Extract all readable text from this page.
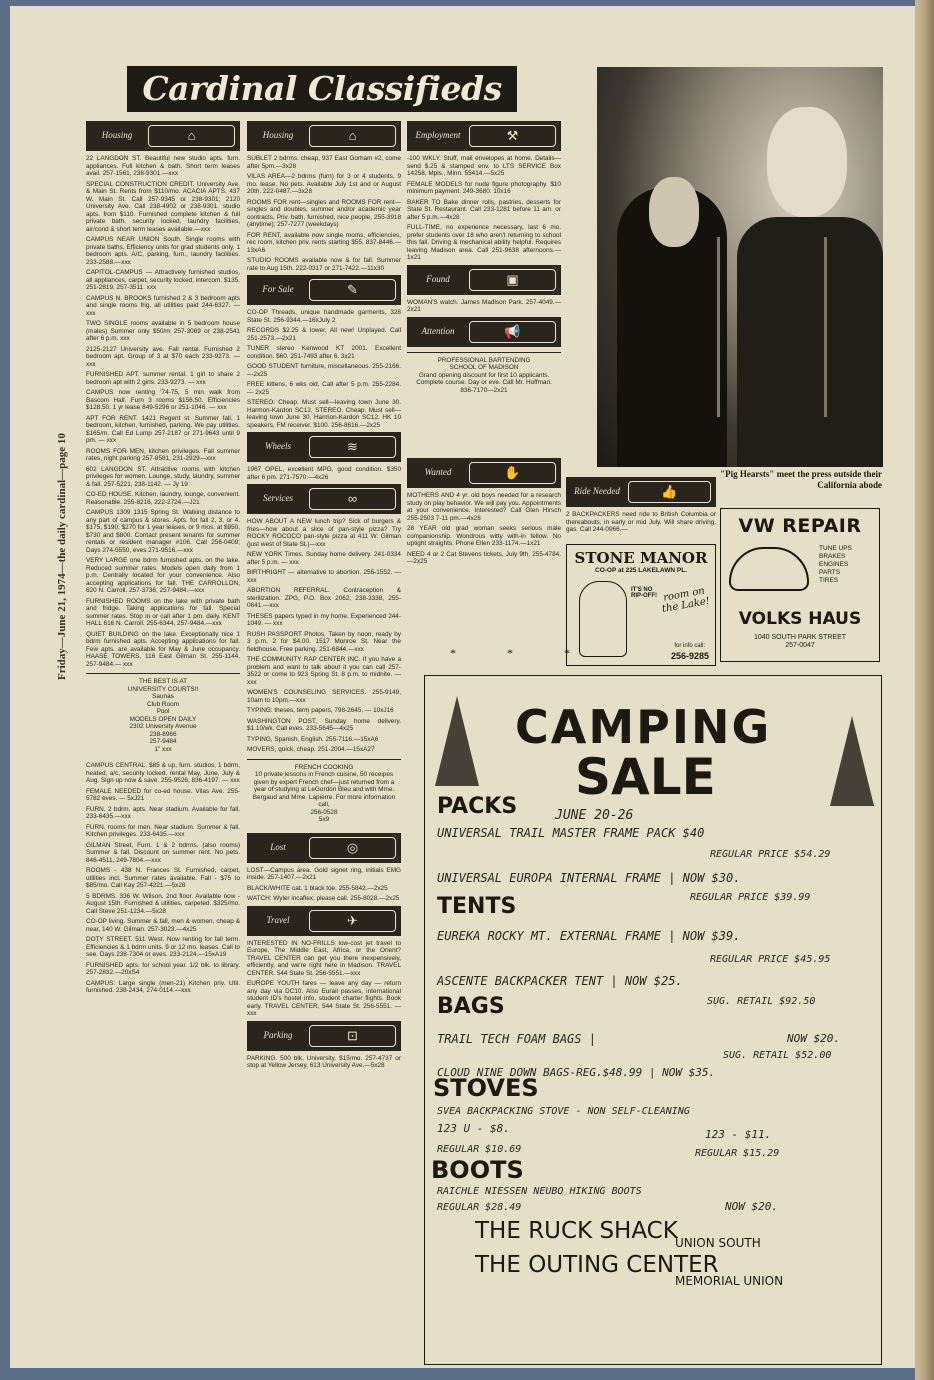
Friday—June 21, 1974—the daily cardinal—page 10
Cardinal Classifieds
Housing	⌂

22 LANGDON ST. Beautiful new studio apts. furn. appliances. Full kitchen & bath. Short term leases avail. 257-1561, 238-9301.—xxx

SPECIAL CONSTRUCTION CREDIT. University Ave. & Main St. Rents from $110/mo. ACACIA APTS. 437 W. Main St. Call 257-9345 or 238-9301; 2120 University Ave. Call 238-4902 or 238-9301. studio apts. from $110. Furnished complete kitchen & full private bath, security locked, laundry facilities, air/cond & short term leases available.—xxx

CAMPUS NEAR UNION South. Single rooms with private baths. Efficiency units for grad students only. 1 bedroom apts. A/C, parking, furn., laundry facilities. 233-2588.—xxx

CAPITOL-CAMPUS — Attractively furnished studios, all appliances, carpet, security locked, intercom. $135. 251-2819, 257-3511. xxx

CAMPUS N. BROOKS furnished 2 & 3 bedroom apts and single rooms frig. all utilities paid 244-6327. — xxx

TWO SINGLE rooms available in 5 bedroom house (males) Summer only $50/m 257-3069 or 238-2541 after 6 p.m. xxx

2125-2127 University ave. Fall rental. Furnished 2 bedroom apt. Group of 3 at $70 each 233-9273. — xxx

FURNISHED APT. summer rental. 1 girl to share 2 bedroom apt with 2 girls. 233-9273. — xxx

CAMPUS now renting '74-75, 5 min walk from Bascom Hall. Furn 3 rooms $156.50. Efficiencies $128.50. 1 yr lease 849-5296 or 251-1046. — xxx

APT FOR RENT. 1421 Regent st. Summer fall. 1 bedroom, kitchen, furnished, parking. We pay utilities. $165/m. Call Ed Lump 257-2187 or 271-9643 until 9 pm. — xxx

ROOMS FOR MEN, kitchen privileges. Fall summer rates, night parking 257-8581, 231-2929—xxx

602 LANGDON ST. Attractive rooms with kitchen privileges for women. Lounge, study, laundry, summer & fall. 257-5221, 238-1142. — Jy 19

CO-ED HOUSE. Kitchen, laundry, lounge, convenient. Reasonable. 255-8216, 222-2724.—J21

CAMPUS 1309 1315 Spring St. Walking distance to any part of campus & stores. Apts. for fall 2, 3, or 4. $175, $190, $270 for 1 year leases, or 9 mos. at $950, $730 and $800. Contact present tenants for summer rentals or resident manager #106. Call 256-0409; Days 274-5550, eves 271-9516.—xxx

VERY LARGE one bdrm furnished apts. on the lake. Reduced summer rates. Models open daily from 1 p.m. Centrally located for your convenience. Also accepting applications for fall. THE CARROLLON, 620 N. Carroll. 257-3736; 257-9484.—xxx

FURNISHED ROOMS on the lake with private bath and fridge. Taking applications for fall. Special summer rates. Stop in or call after 1 pm. daily. KENT HALL 616 N. Carroll. 255-6344, 257-9484.—xxx

QUIET BUILDING on the lake. Exceptionally nice 1 bdrm furnished apts. Accepting applications for fall. Few apts. are available for May & June occupancy. HAASE TOWERS, 116 East Gilman St. 255-1144, 257-9484.— xxx

THE BEST IS AT
UNIVERSITY COURTS!!
Saunas
Club Room
Pool
MODELS OPEN DAILY
2302 University Avenue
238-8966
257-9484
1" xxx

CAMPUS CENTRAL. $85 & up, furn. studios, 1 bdrm, heated, a/c, security locked, rental May, June, July & Aug. Sign up now & save. 255-9526, 836-4197. — xxx

FEMALE NEEDED for co-ed house. Vilas Ave. 255-5782 eves. — 5xJ21

FURN. 2 bdrm. apts. Near stadium. Available for fall. 233-6435.—xxx

FURN. rooms for men. Near stadium. Summer & fall. Kitchen privileges. 233-6435.—xxx

GILMAN Street, Furn. 1 & 2 bdrms. (also rooms) Summer & fall. Discount on summer rent. No pets. 846-4511, 249-7804.—xxx

ROOMS - 438 N. Frances St. Furnished, carpet, utilities incl. Summer rates available. Fall - $75 to $85/mo. Call Kay 257-4221.—5x28

5 BDRMS. 336 W. Wilson. 2nd floor. Available now - August 15th. Furnished & utilities, carpeted. $325/mo. Call Steve 251-1234.—5x28

CO-OP living. Summer & fall, men & women, cheap & near, 140 W. Gilman. 257-3023.—4x25

DOTY STREET. 511 West. Now renting for fall term. Efficiencies & 1 bdrm units. 9 or 12 mo. leases. Call to see. Days 238-7304 or eves. 233-2124.—15xA19

FURNISHED apts. for school year. 1/2 blk. to library. 257-2832.—20xS4

CAMPUS: Large single (men-21) Kitchen priv. Util. furnished. 238-2434, 274-0114.—xxx

Housing	⌂

SUBLET 2 bdrms. cheap, 937 East Gorham #2, come after 5pm.—3x28

VILAS AREA—2 bdrms (furn) for 3 or 4 students. 9 mo. lease. No pets. Available July 1st and or August 20th. 222-0487.—3x28

ROOMS FOR rent—singles and ROOMS FOR rent—singles and doubles, summer and/or academic year contracts, Priv. bath, furnished, nice people, 255-3918 (anytime); 257-7277 (weekdays)

FOR RENT, available now single rooms, efficiencies, rec room, kitchen priv. rents starting $55. 837-8446.— 13xA6

STUDIO ROOMS available now & for fall. Summer rate to Aug 15th. 222-0317 or 271-7422.—11x30

For Sale	✎

CO-OP Threads, unique handmade garments, 328 State St. 256-9344.—16xJuly 2

RECORDS $2.25 & lower. All new! Unplayed. Call 251-2573.—2x21

TUNER stereo Kenwood KT 2001. Excellent condition. $60. 251-7493 after 6. 3x21

GOOD STUDENT furniture, miscellaneous. 255-2166.—2x25

FREE kittens, 6 wks old. Call after 5 p.m. 255-2284. — 2x25

STEREO. Cheap. Must sell—leaving town June 30. Harmon-Kardon SC12, STEREO. Cheap. Must sell—leaving town June 30. Harmon-Kardon SC12, HK 10 speakers, FM receiver. $100. 256-8616.—2x25

Wheels	≋

1967 OPEL, excellent MPG, good condition. $350 after 6 pm. 271-7570.—4x26

Services	∞

HOW ABOUT A NEW lunch trip? Sick of burgers & fries—how about a slice of pan-style pizza? Try ROCKY ROCOCO pan-style pizza at 411 W. Gilman (just west of State St.)—xxx

NEW YORK Times. Sunday home delivery. 241-0334 after 5 p.m. — xxx

BIRTHRIGHT — alternative to abortion. 255-1552. — xxx

ABORTION REFERRAL. Contraception & sterilization. ZPG, P.O. Box 2062, 238-3338, 255-0641.—xxx

THESES papers typed in my home. Experienced 244-1049. — xxx

RUSH PASSPORT Photos. Taken by noon, ready by 3 p.m. 2 for $4.00. 1517 Monroe St. Near the fieldhouse. Free parking. 251-6844.—xxx

THE COMMUNITY RAP CENTER INC. If you have a problem and want to talk about it you can call 257-3522 or come to 923 Spring St. 8 p.m. to midnite. — xxx

WOMEN'S COUNSELING SERVICES. 255-9149, 10am to 10pm.—xxx

TYPING: theses, term papers, 798-2645. — 10xJ16

WASHINGTON POST, Sunday home delivery. $1.10/wk. Call eves. 233-5645—4x25

TYPING, Spanish, English. 255-7116.—15xA6

MOVERS, quick, cheap. 251-2004.—15xA27

FRENCH COOKING
10 private lessons in French cuisine, 50 receipes given by expert French chef—just returned from a year of studying at LeGordon Bleu and with Mme. Bergaud and Mme. Lapierre. For more information call,
256-0528
5x9
Lost	◎

LOST—Campus area. Gold signet ring, initials EMG inside. 257-1407.—2x21

BLACK/WHITE cat. 1 black toe. 255-5842.—2x25

WATCH: Wyler incaflex; please call. 255-8028.—2x25

Travel	✈

INTERESTED IN NO-FRILLS low-cost jet travel to Europe, The Middle East, Africa, or the Orient? TRAVEL CENTER can get you there inexpensively, efficiently, and we're right here in Madison. TRAVEL CENTER. 544 State St. 256-5551.—xxx

EUROPE YOUTH fares — leave any day — return any day via DC10. Also Eurail passes, international student ID's hostel info, student charter flights. Book early. TRAVEL CENTER, 544 State St. 256-5551. — xxx

Parking	⊡

PARKING. 500 blk. University. $15/mo. 257-4737 or stop at Yellow Jersey. 613 University Ave.—5x28

Employment	⚒

-100 WKLY. Stuff, mail envelopes at home. Details—send $.25 & stamped env. to LTS SERVICE Box 14258, Mpls., Minn. 55414.—5x25

FEMALE MODELS for nude figure photography. $10 minimum payment. 249-3680. 10x16

BAKER TO Bake dinner rolls, pastries, desserts for State St. Restaurant. Call 233-1281 before 11 am. or after 5 p.m.—4x28

FULL-TIME, no experience necessary, last 6 mo. prefer students over 18 who aren't returning to school this fall. Driving & mechanical ability helpful. Requires leaving Madison area. Call 251-9638 afternoons.— 1x21

Found	▣

WOMAN'S watch. James Madison Park. 257-4049.—2x21

Attention	📢
PROFESSIONAL BARTENDING
SCHOOL OF MADISON
Grand opening discount for first 10 applicants. Complete course. Day or eve. Call Mr. Hoffman.
836-7170—2x21
Wanted	✋

MOTHERS AND 4 yr. old boys needed for a research study on play behavior. We will pay you. Appointments at your convenience. Interested? Call Glen Hirsch 255-2503 7-11 pm.—4x28

28 YEAR old grad woman seeks serious male companionship. Wondrous witty with-in fellow. No uptight straights. Phone Ellen 233-1174.—1x21

NEED 4 or 2 Cat Stevens tickets, July 9th. 255-4784.—2x25

Ride Needed	👍

2 BACKPACKERS need ride to British Columbia or thereabouts, in early or mid July. Will share driving, gas. Call 244-0966.—

"Pig Hearsts" meet the press outside their California abode
STONE MANOR
CO-OP at 225 LAKELAWN PL.
IT'S NO RIP-OFF! room on the Lake!
for info call:
256-9285
VW REPAIR
TUNE UPS
BRAKES
ENGINES
PARTS
TIRES
VOLKS HAUS
1040 SOUTH PARK STREET
257-0047
* * *
CAMPING
SALE
PACKS	JUNE 20-26
UNIVERSAL TRAIL MASTER FRAME PACK $40
REGULAR PRICE $54.29
UNIVERSAL EUROPA INTERNAL FRAME | NOW $30.
REGULAR PRICE $39.99
TENTS
EUREKA ROCKY MT. EXTERNAL FRAME | NOW $39.
REGULAR PRICE $45.95
ASCENTE BACKPACKER TENT | NOW $25.
SUG. RETAIL $92.50
BAGS
TRAIL TECH FOAM BAGS |	NOW $20.
SUG. RETAIL $52.00
CLOUD NINE DOWN BAGS-REG.$48.99 | NOW $35.
STOVES
SVEA BACKPACKING STOVE - NON SELF-CLEANING
123 U - $8.	123 - $11.
REGULAR $10.69	REGULAR $15.29
BOOTS
RAICHLE NIESSEN NEUBO HIKING BOOTS
REGULAR $28.49	NOW $20.
THE RUCK SHACK
UNION SOUTH
THE OUTING CENTER
MEMORIAL UNION
